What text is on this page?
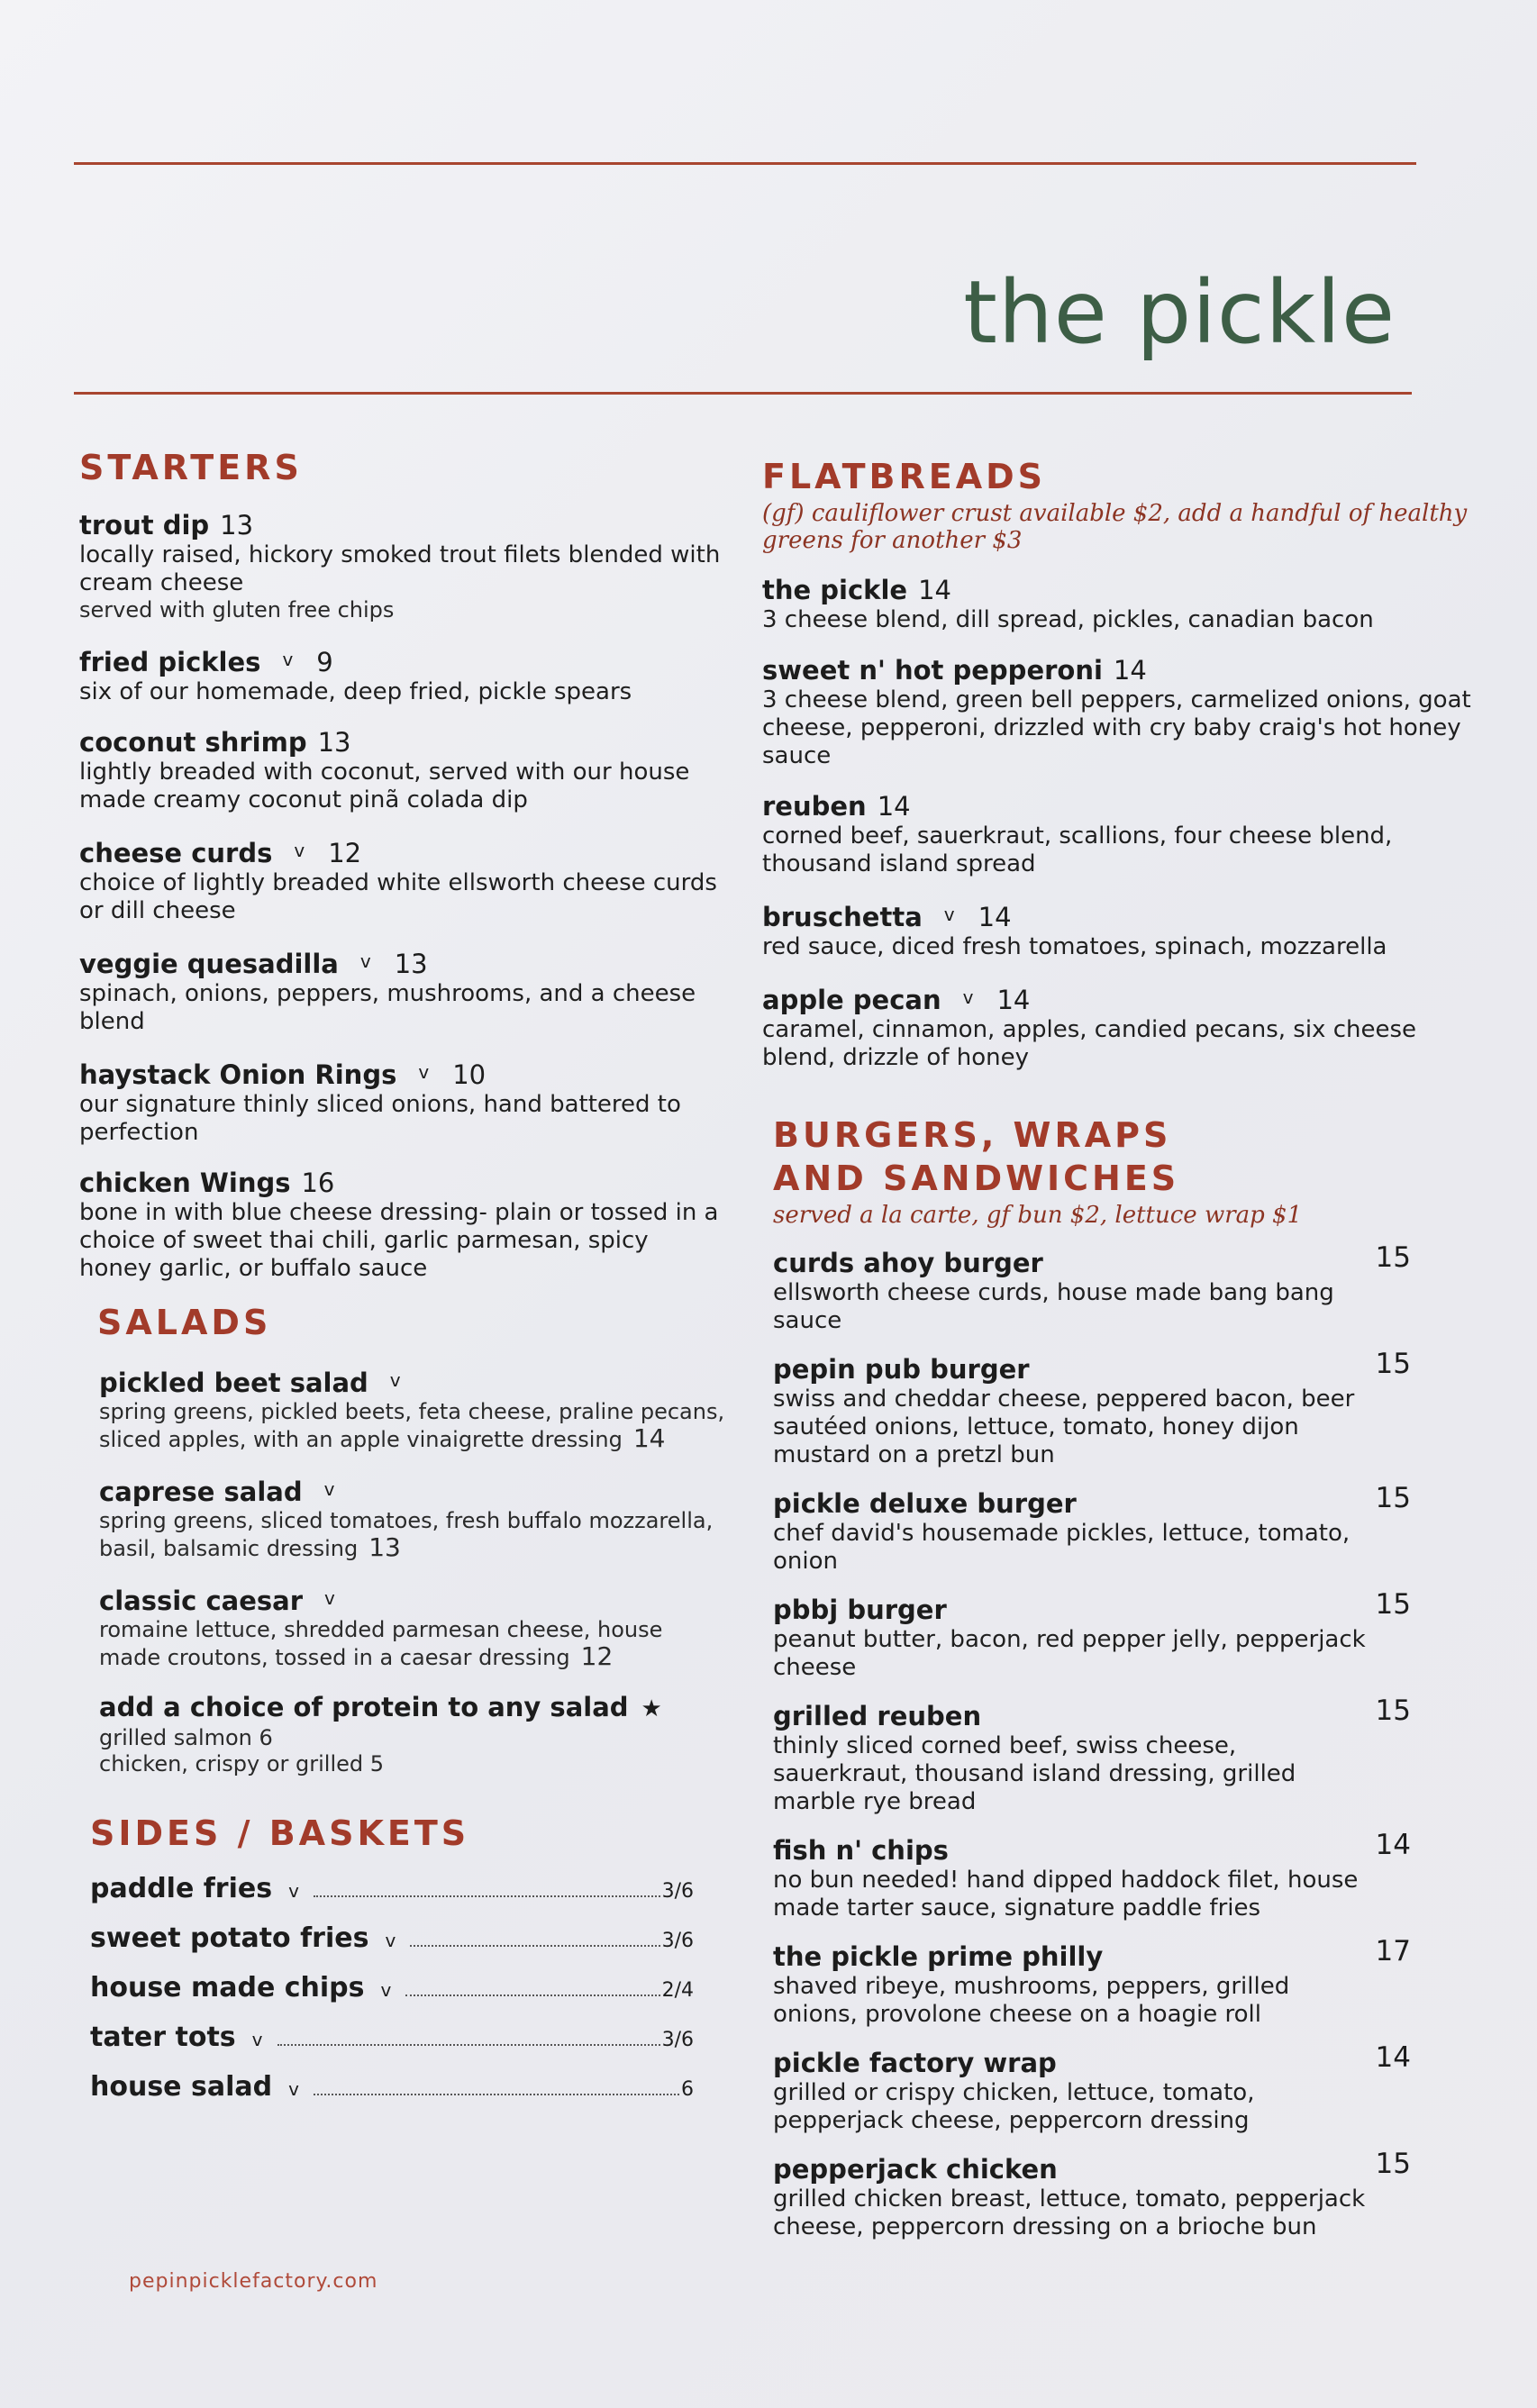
the pickle
STARTERS
trout dip 13
locally raised, hickory smoked trout filets blended with cream cheese
served with gluten free chips
fried pickles $^v$ 9
six of our homemade, deep fried, pickle spears
coconut shrimp 13
lightly breaded with coconut, served with our house made creamy coconut pinã colada dip
cheese curds $^v$ 12
choice of lightly breaded white ellsworth cheese curds or dill cheese
veggie quesadilla $^v$ 13
spinach, onions, peppers, mushrooms, and a cheese blend
haystack Onion Rings $^v$ 10
our signature thinly sliced onions, hand battered to perfection
chicken Wings 16
bone in with blue cheese dressing- plain or tossed in a choice of sweet thai chili, garlic parmesan, spicy honey garlic, or buffalo sauce
SALADS
pickled beet salad $^v$
spring greens, pickled beets, feta cheese, praline pecans, sliced apples, with an apple vinaigrette dressing 14
caprese salad $^v$
spring greens, sliced tomatoes, fresh buffalo mozzarella, basil, balsamic dressing 13
classic caesar $^v$
romaine lettuce, shredded parmesan cheese, house made croutons, tossed in a caesar dressing 12
add a choice of protein to any salad ★
grilled salmon 6
chicken, crispy or grilled 5
SIDES / BASKETS
paddle fries v	3/6
sweet potato fries v	3/6
house made chips v	2/4
tater tots v	3/6
house salad v	6
FLATBREADS
(gf) cauliflower crust available $2, add a handful of healthy greens for another $3
the pickle 14
3 cheese blend, dill spread, pickles, canadian bacon
sweet n' hot pepperoni 14
3 cheese blend, green bell peppers, carmelized onions, goat cheese, pepperoni, drizzled with cry baby craig's hot honey sauce
reuben 14
corned beef, sauerkraut, scallions, four cheese blend, thousand island spread
bruschetta $^v$ 14
red sauce, diced fresh tomatoes, spinach, mozzarella
apple pecan $^v$ 14
caramel, cinnamon, apples, candied pecans, six cheese blend, drizzle of honey
BURGERS, WRAPS AND SANDWICHES
served a la carte, gf bun $2, lettuce wrap $1
curds ahoy burger	15
ellsworth cheese curds, house made bang bang sauce
pepin pub burger	15
swiss and cheddar cheese, peppered bacon, beer sautéed onions, lettuce, tomato, honey dijon mustard on a pretzl bun
pickle deluxe burger	15
chef david's housemade pickles, lettuce, tomato, onion
pbbj burger	15
peanut butter, bacon, red pepper jelly, pepperjack cheese
grilled reuben	15
thinly sliced corned beef, swiss cheese, sauerkraut, thousand island dressing, grilled marble rye bread
fish n' chips	14
no bun needed! hand dipped haddock filet, house made tarter sauce, signature paddle fries
the pickle prime philly	17
shaved ribeye, mushrooms, peppers, grilled onions, provolone cheese on a hoagie roll
pickle factory wrap	14
grilled or crispy chicken, lettuce, tomato, pepperjack cheese, peppercorn dressing
pepperjack chicken	15
grilled chicken breast, lettuce, tomato, pepperjack cheese, peppercorn dressing on a brioche bun
pepinpicklefactory.com
